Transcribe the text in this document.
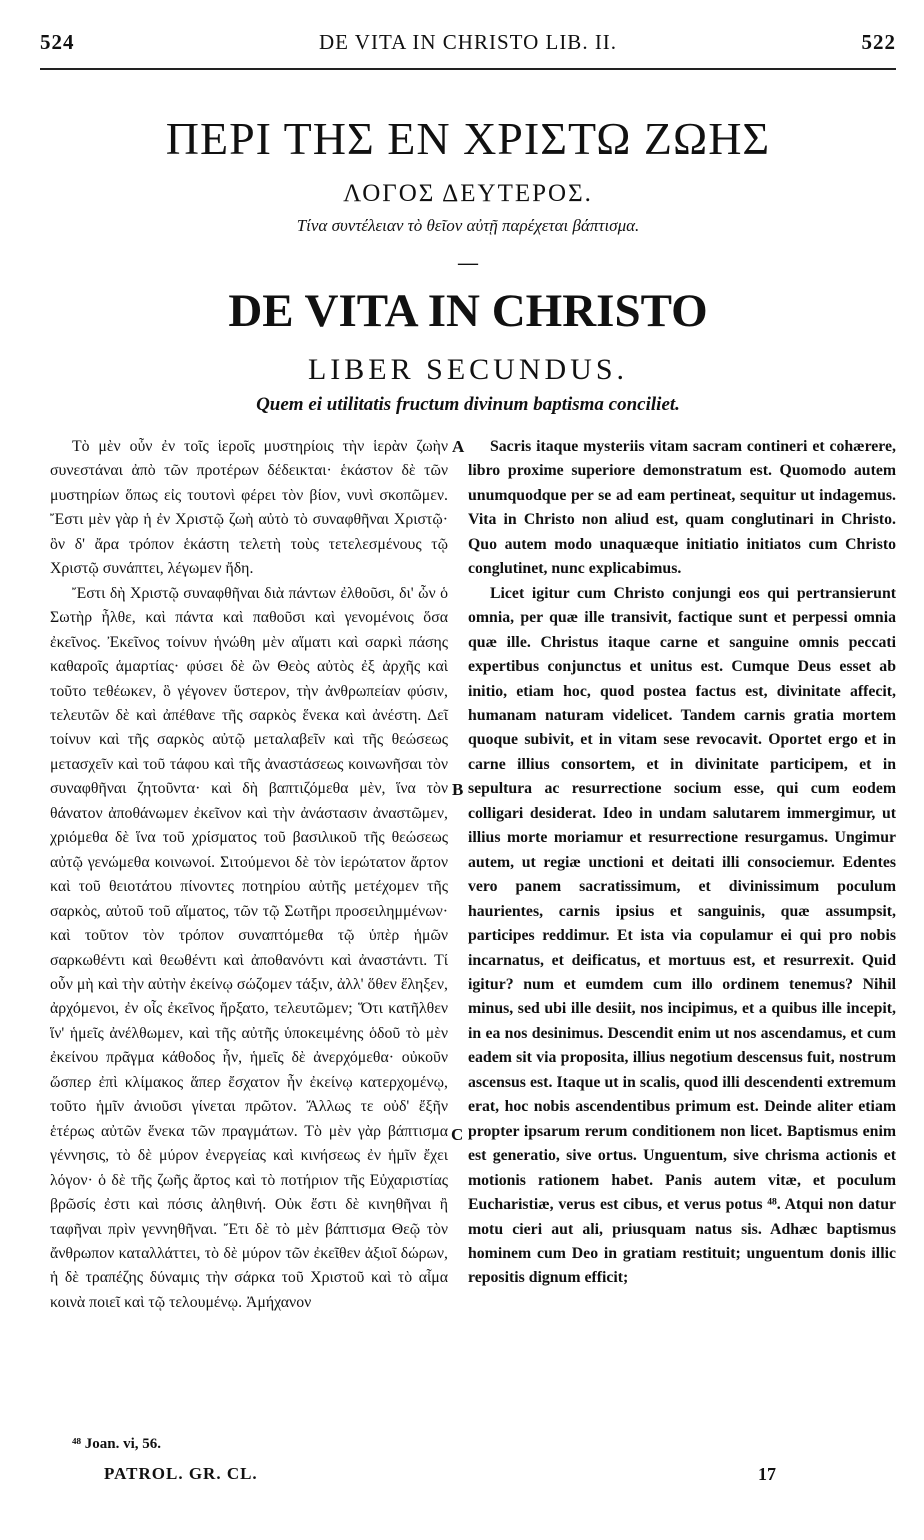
524	DE VITA IN CHRISTO LIB. II.	522
ΠΕΡΙ ΤΗΣ ΕΝ ΧΡΙΣΤΩ ΖΩΗΣ
ΛΟΓΟΣ ΔΕΥΤΕΡΟΣ.
Τίνα συντέλειαν τὸ θεῖον αὐτῇ παρέχεται βάπτισμα.
—
DE VITA IN CHRISTO
LIBER SECUNDUS.
Quem ei utilitatis fructum divinum baptisma conciliet.

Τὸ μὲν οὖν ἐν τοῖς ἱεροῖς μυστηρίοις τὴν ἱερὰν ζωὴν συνεστάναι ἀπὸ τῶν προτέρων δέδεικται· ἑκάστον δὲ τῶν μυστηρίων ὅπως εἰς τουτονὶ φέρει τὸν βίον, νυνὶ σκοπῶμεν. Ἔστι μὲν γὰρ ἡ ἐν Χριστῷ ζωὴ αὐτὸ τὸ συναφθῆναι Χριστῷ· ὃν δ' ἄρα τρόπον ἑκάστη τελετὴ τοὺς τετελεσμένους τῷ Χριστῷ συνάπτει, λέγωμεν ἤδη.

Ἔστι δὴ Χριστῷ συναφθῆναι διὰ πάντων ἐλθοῦσι, δι' ὧν ὁ Σωτὴρ ἦλθε, καὶ πάντα καὶ παθοῦσι καὶ γενομένοις ὅσα ἐκεῖνος. Ἐκεῖνος τοίνυν ἡνώθη μὲν αἵματι καὶ σαρκὶ πάσης καθαροῖς ἁμαρτίας· φύσει δὲ ὢν Θεὸς αὐτὸς ἐξ ἀρχῆς καὶ τοῦτο τεθέωκεν, ὃ γέγονεν ὕστερον, τὴν ἀνθρωπείαν φύσιν, τελευτῶν δὲ καὶ ἀπέθανε τῆς σαρκὸς ἕνεκα καὶ ἀνέστη. Δεῖ τοίνυν καὶ τῆς σαρκὸς αὐτῷ μεταλαβεῖν καὶ τῆς θεώσεως μετασχεῖν καὶ τοῦ τάφου καὶ τῆς ἀναστάσεως κοινωνῆσαι τὸν συναφθῆναι ζητοῦντα· καὶ δὴ βαπτιζόμεθα μὲν, ἵνα τὸν θάνατον ἀποθάνωμεν ἐκεῖνον καὶ τὴν ἀνάστασιν ἀναστῶμεν, χριόμεθα δὲ ἵνα τοῦ χρίσματος τοῦ βασιλικοῦ τῆς θεώσεως αὐτῷ γενώμεθα κοινωνοί. Σιτούμενοι δὲ τὸν ἱερώτατον ἄρτον καὶ τοῦ θειοτάτου πίνοντες ποτηρίου αὐτῆς μετέχομεν τῆς σαρκὸς, αὐτοῦ τοῦ αἵματος, τῶν τῷ Σωτῆρι προσειλημμένων· καὶ τοῦτον τὸν τρόπον συναπτόμεθα τῷ ὑπὲρ ἡμῶν σαρκωθέντι καὶ θεωθέντι καὶ ἀποθανόντι καὶ ἀναστάντι. Τί οὖν μὴ καὶ τὴν αὐτὴν ἐκείνῳ σώζομεν τάξιν, ἀλλ' ὅθεν ἔληξεν, ἀρχόμενοι, ἐν οἷς ἐκεῖνος ἤρξατο, τελευτῶμεν; Ὅτι κατῆλθεν ἵν' ἡμεῖς ἀνέλθωμεν, καὶ τῆς αὐτῆς ὑποκειμένης ὁδοῦ τὸ μὲν ἐκείνου πρᾶγμα κάθοδος ἦν, ἡμεῖς δὲ ἀνερχόμεθα· οὐκοῦν ὥσπερ ἐπὶ κλίμακος ἅπερ ἔσχατον ἦν ἐκείνῳ κατερχομένῳ, τοῦτο ἡμῖν ἀνιοῦσι γίνεται πρῶτον. Ἄλλως τε οὐδ' ἔξῆν ἑτέρως αὐτῶν ἕνεκα τῶν πραγμάτων. Τὸ μὲν γὰρ βάπτισμα γέννησις, τὸ δὲ μύρον ἐνεργείας καὶ κινήσεως ἐν ἡμῖν ἔχει λόγον· ὁ δὲ τῆς ζωῆς ἄρτος καὶ τὸ ποτήριον τῆς Εὐχαριστίας βρῶσίς ἐστι καὶ πόσις ἀληθινή. Οὐκ ἔστι δὲ κινηθῆναι ἢ ταφῆναι πρὶν γεννηθῆναι. Ἔτι δὲ τὸ μὲν βάπτισμα Θεῷ τὸν ἄνθρωπον καταλλάττει, τὸ δὲ μύρον τῶν ἐκεῖθεν ἀξιοῖ δώρων, ἡ δὲ τραπέζης δύναμις τὴν σάρκα τοῦ Χριστοῦ καὶ τὸ αἷμα κοινὰ ποιεῖ καὶ τῷ τελουμένῳ. Ἀμήχανον

A
B
C

Sacris itaque mysteriis vitam sacram contineri et cohærere, libro proxime superiore demonstratum est. Quomodo autem unumquodque per se ad eam pertineat, sequitur ut indagemus. Vita in Christo non aliud est, quam conglutinari in Christo. Quo autem modo unaquæque initiatio initiatos cum Christo conglutinet, nunc explicabimus.

Licet igitur cum Christo conjungi eos qui pertransierunt omnia, per quæ ille transivit, factique sunt et perpessi omnia quæ ille. Christus itaque carne et sanguine omnis peccati expertibus conjunctus et unitus est. Cumque Deus esset ab initio, etiam hoc, quod postea factus est, divinitate affecit, humanam naturam videlicet. Tandem carnis gratia mortem quoque subivit, et in vitam sese revocavit. Oportet ergo et in carne illius consortem, et in divinitate participem, et in sepultura ac resurrectione socium esse, qui cum eodem colligari desiderat. Ideo in undam salutarem immergimur, ut illius morte moriamur et resurrectione resurgamus. Ungimur autem, ut regiæ unctioni et deitati illi consociemur. Edentes vero panem sacratissimum, et divinissimum poculum haurientes, carnis ipsius et sanguinis, quæ assumpsit, participes reddimur. Et ista via copulamur ei qui pro nobis incarnatus, et deificatus, et mortuus est, et resurrexit. Quid igitur? num et eumdem cum illo ordinem tenemus? Nihil minus, sed ubi ille desiit, nos incipimus, et a quibus ille incepit, in ea nos desinimus. Descendit enim ut nos ascendamus, et cum eadem sit via proposita, illius negotium descensus fuit, nostrum ascensus est. Itaque ut in scalis, quod illi descendenti extremum erat, hoc nobis ascendentibus primum est. Deinde aliter etiam propter ipsarum rerum conditionem non licet. Baptismus enim est generatio, sive ortus. Unguentum, sive chrisma actionis et motionis rationem habet. Panis autem vitæ, et poculum Eucharistiæ, verus est cibus, et verus potus ⁴⁸. Atqui non datur motu cieri aut ali, priusquam natus sis. Adhæc baptismus hominem cum Deo in gratiam restituit; unguentum donis illic repositis dignum efficit;

⁴⁸ Joan. vi, 56.
PATROL. GR. CL.	17
